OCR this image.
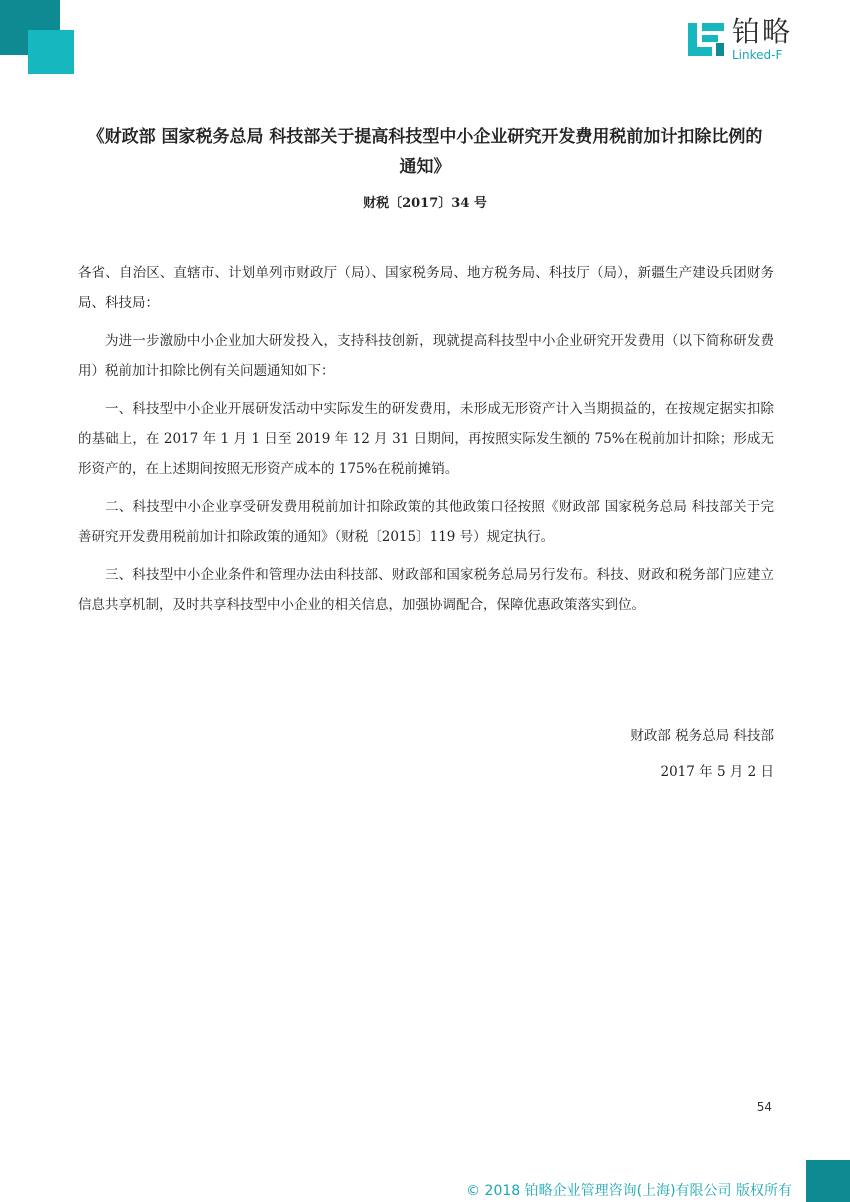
铂略
Linked-F
《财政部 国家税务总局 科技部关于提高科技型中小企业研究开发费用税前加计扣除比例的通知》
财税〔2017〕34 号

各省、自治区、直辖市、计划单列市财政厅（局）、国家税务局、地方税务局、科技厅（局），新疆生产建设兵团财务局、科技局：

为进一步激励中小企业加大研发投入，支持科技创新，现就提高科技型中小企业研究开发费用（以下简称研发费用）税前加计扣除比例有关问题通知如下：

一、科技型中小企业开展研发活动中实际发生的研发费用，未形成无形资产计入当期损益的，在按规定据实扣除的基础上，在 2017 年 1 月 1 日至 2019 年 12 月 31 日期间，再按照实际发生额的 75%在税前加计扣除；形成无形资产的，在上述期间按照无形资产成本的 175%在税前摊销。

二、科技型中小企业享受研发费用税前加计扣除政策的其他政策口径按照《财政部 国家税务总局 科技部关于完善研究开发费用税前加计扣除政策的通知》（财税〔2015〕119 号）规定执行。

三、科技型中小企业条件和管理办法由科技部、财政部和国家税务总局另行发布。科技、财政和税务部门应建立信息共享机制，及时共享科技型中小企业的相关信息，加强协调配合，保障优惠政策落实到位。

财政部 税务总局 科技部
2017 年 5 月 2 日
54
© 2018 铂略企业管理咨询(上海)有限公司 版权所有
